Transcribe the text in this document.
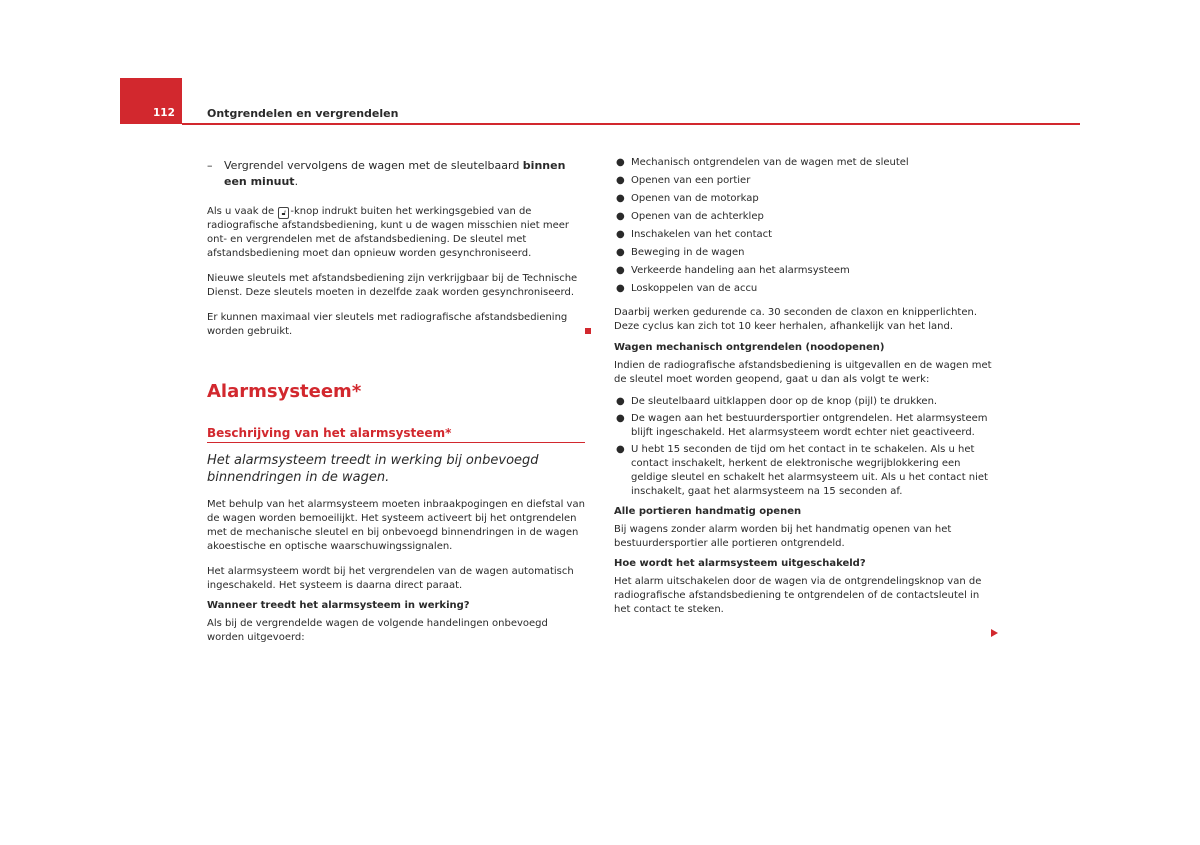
112	Ontgrendelen en vergrendelen
– Vergrendel vervolgens de wagen met de sleutelbaard binnen een minuut.

Als u vaak de 🔓︎ -knop indrukt buiten het werkingsgebied van de radiografische afstandsbediening, kunt u de wagen misschien niet meer ont- en vergrendelen met de afstandsbediening. De sleutel met afstandsbediening moet dan opnieuw worden gesynchroniseerd.

Nieuwe sleutels met afstandsbediening zijn verkrijgbaar bij de Technische Dienst. Deze sleutels moeten in dezelfde zaak worden gesynchroniseerd.

Er kunnen maximaal vier sleutels met radiografische afstandsbediening worden gebruikt.

Alarmsysteem*
Beschrijving van het alarmsysteem*

Het alarmsysteem treedt in werking bij onbevoegd binnendringen in de wagen.

Met behulp van het alarmsysteem moeten inbraakpogingen en diefstal van de wagen worden bemoeilijkt. Het systeem activeert bij het ontgrendelen met de mechanische sleutel en bij onbevoegd binnendringen in de wagen akoestische en optische waarschuwingssignalen.

Het alarmsysteem wordt bij het vergrendelen van de wagen automatisch ingeschakeld. Het systeem is daarna direct paraat.

Wanneer treedt het alarmsysteem in werking?

Als bij de vergrendelde wagen de volgende handelingen onbevoegd worden uitgevoerd:

● Mechanisch ontgrendelen van de wagen met de sleutel
● Openen van een portier
● Openen van de motorkap
● Openen van de achterklep
● Inschakelen van het contact
● Beweging in de wagen
● Verkeerde handeling aan het alarmsysteem
● Loskoppelen van de accu

Daarbij werken gedurende ca. 30 seconden de claxon en knipperlichten. Deze cyclus kan zich tot 10 keer herhalen, afhankelijk van het land.

Wagen mechanisch ontgrendelen (noodopenen)

Indien de radiografische afstandsbediening is uitgevallen en de wagen met de sleutel moet worden geopend, gaat u dan als volgt te werk:

● De sleutelbaard uitklappen door op de knop (pijl) te drukken.
● De wagen aan het bestuurdersportier ontgrendelen. Het alarmsysteem blijft ingeschakeld. Het alarmsysteem wordt echter niet geactiveerd.
● U hebt 15 seconden de tijd om het contact in te schakelen. Als u het contact inschakelt, herkent de elektronische wegrijblokkering een geldige sleutel en schakelt het alarmsysteem uit. Als u het contact niet inschakelt, gaat het alarmsysteem na 15 seconden af.

Alle portieren handmatig openen

Bij wagens zonder alarm worden bij het handmatig openen van het bestuurdersportier alle portieren ontgrendeld.

Hoe wordt het alarmsysteem uitgeschakeld?

Het alarm uitschakelen door de wagen via de ontgrendelingsknop van de radiografische afstandsbediening te ontgrendelen of de contactsleutel in het contact te steken.
